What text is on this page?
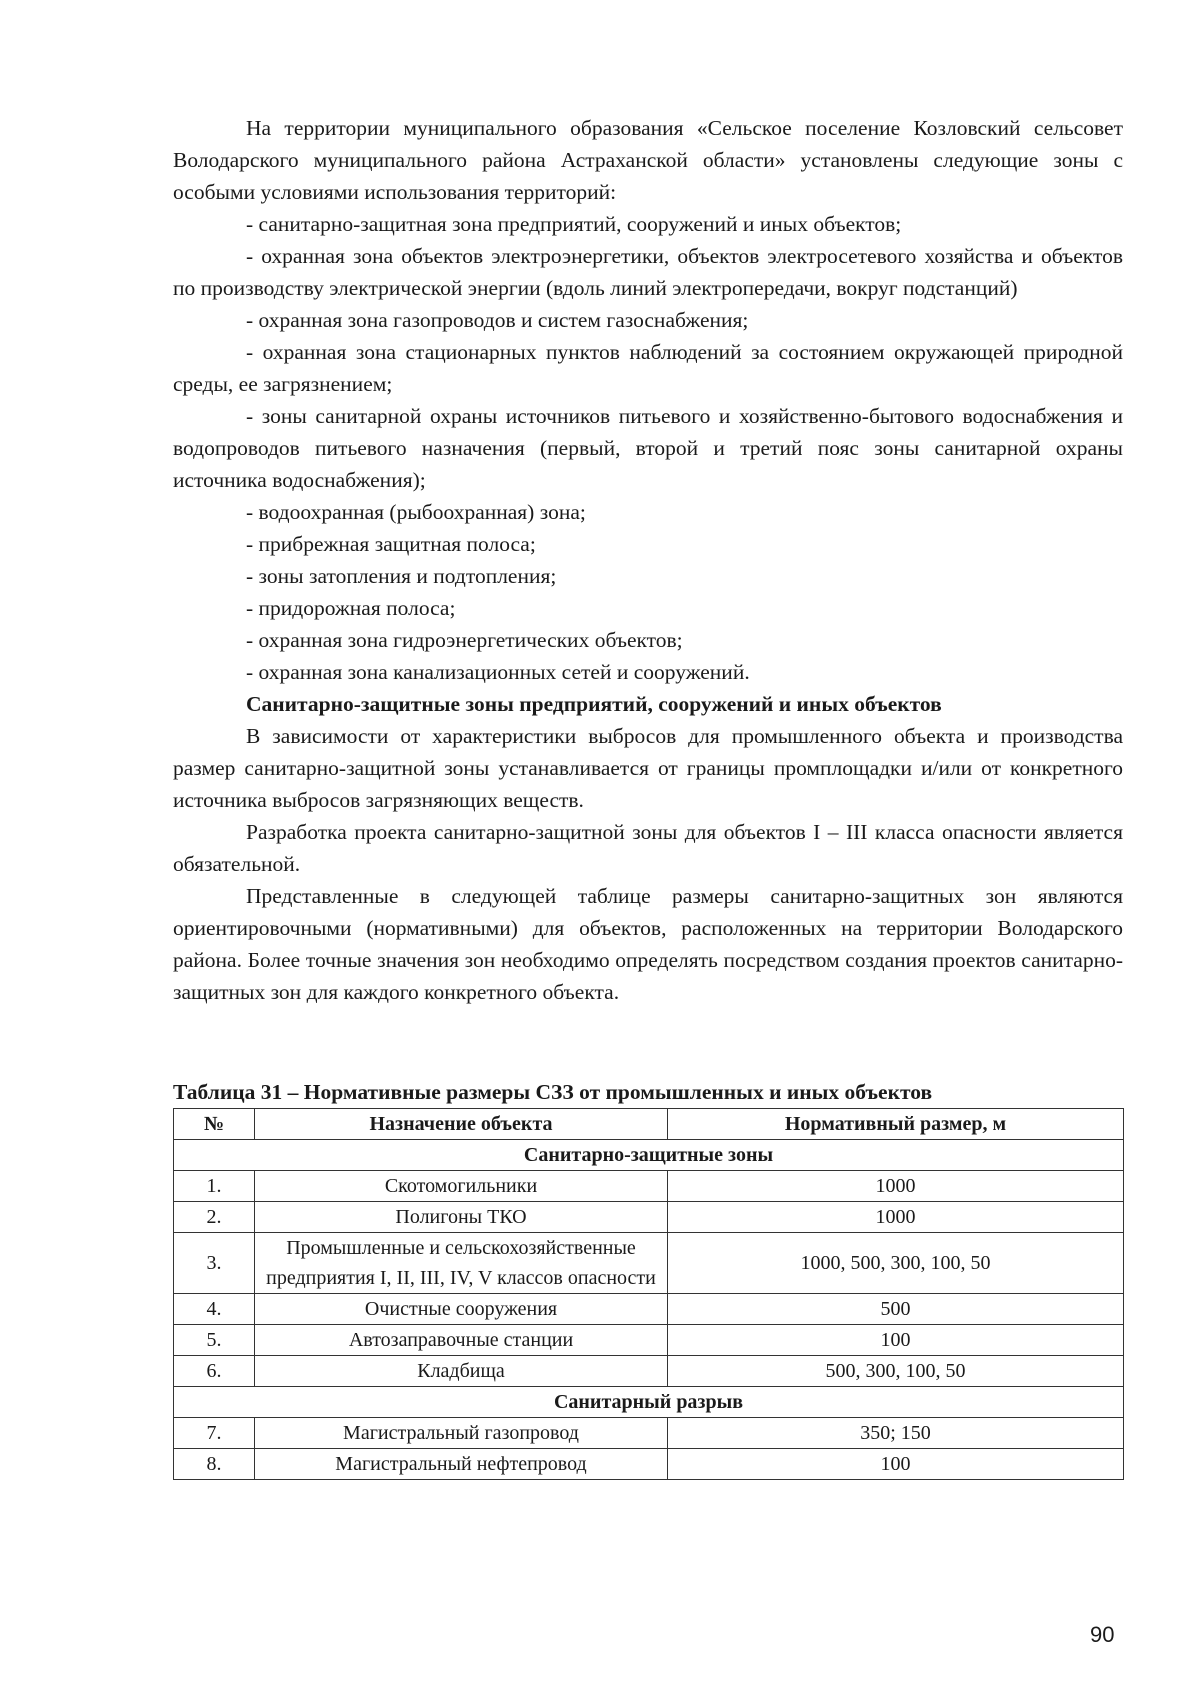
На территории муниципального образования «Сельское поселение Козловский сельсовет Володарского муниципального района Астраханской области» установлены следующие зоны с особыми условиями использования территорий:

- санитарно-защитная зона предприятий, сооружений и иных объектов;

- охранная зона объектов электроэнергетики, объектов электросетевого хозяйства и объектов по производству электрической энергии (вдоль линий электропередачи, вокруг подстанций)

- охранная зона газопроводов и систем газоснабжения;

- охранная зона стационарных пунктов наблюдений за состоянием окружающей природной среды, ее загрязнением;

- зоны санитарной охраны источников питьевого и хозяйственно-бытового водоснабжения и водопроводов питьевого назначения (первый, второй и третий пояс зоны санитарной охраны источника водоснабжения);

- водоохранная (рыбоохранная) зона;

- прибрежная защитная полоса;

- зоны затопления и подтопления;

- придорожная полоса;

- охранная зона гидроэнергетических объектов;

- охранная зона канализационных сетей и сооружений.

Санитарно-защитные зоны предприятий, сооружений и иных объектов

В зависимости от характеристики выбросов для промышленного объекта и производства размер санитарно-защитной зоны устанавливается от границы промплощадки и/или от конкретного источника выбросов загрязняющих веществ.

Разработка проекта санитарно-защитной зоны для объектов I – III класса опасности является обязательной.

Представленные в следующей таблице размеры санитарно-защитных зон являются ориентировочными (нормативными) для объектов, расположенных на территории Володарского района. Более точные значения зон необходимо определять посредством создания проектов санитарно-защитных зон для каждого конкретного объекта.

Таблица 31 – Нормативные размеры СЗЗ от промышленных и иных объектов
№	Назначение объекта	Нормативный размер, м
Санитарно-защитные зоны		
1.	Скотомогильники	1000
2.	Полигоны ТКО	1000
3.	Промышленные и сельскохозяйственные предприятия I, II, III, IV, V классов опасности	1000, 500, 300, 100, 50
4.	Очистные сооружения	500
5.	Автозаправочные станции	100
6.	Кладбища	500, 300, 100, 50
Санитарный разрыв		
7.	Магистральный газопровод	350; 150
8.	Магистральный нефтепровод	100
90
